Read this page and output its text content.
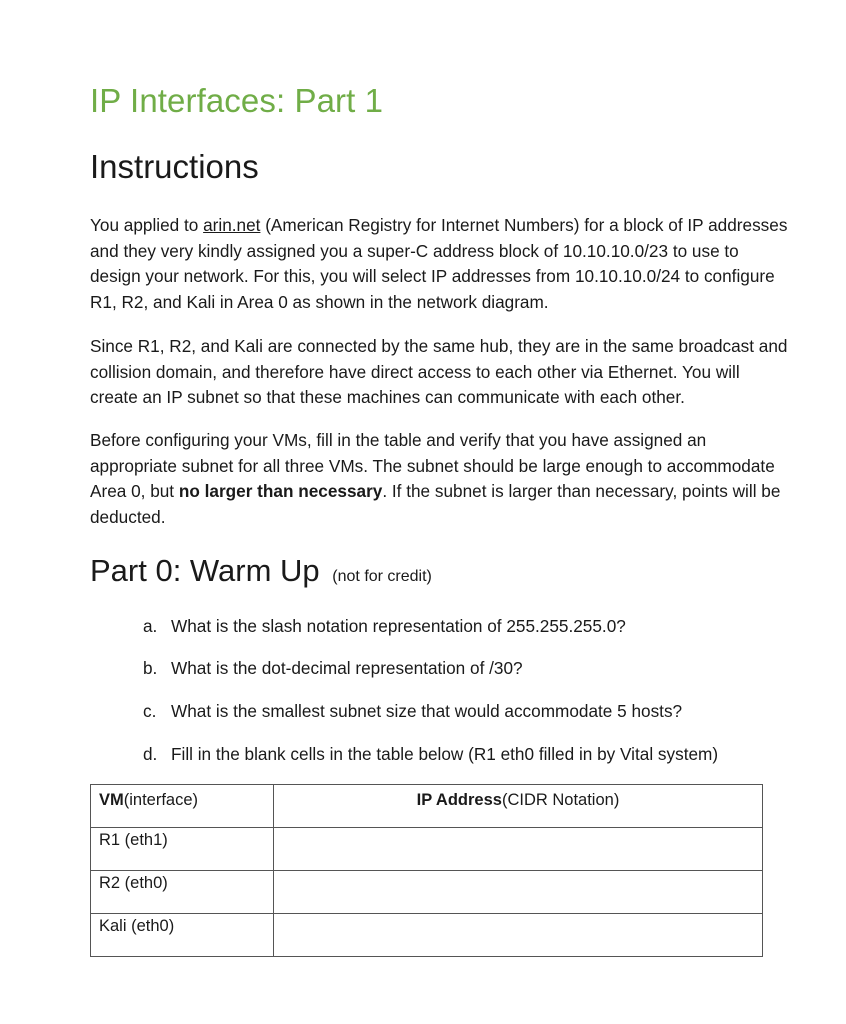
IP Interfaces: Part 1
Instructions

You applied to arin.net (American Registry for Internet Numbers) for a block of IP addresses and they very kindly assigned you a super-C address block of 10.10.10.0/23 to use to design your network. For this, you will select IP addresses from 10.10.10.0/24 to configure R1, R2, and Kali in Area 0 as shown in the network diagram.

Since R1, R2, and Kali are connected by the same hub, they are in the same broadcast and collision domain, and therefore have direct access to each other via Ethernet. You will create an IP subnet so that these machines can communicate with each other.

Before configuring your VMs, fill in the table and verify that you have assigned an appropriate subnet for all three VMs. The subnet should be large enough to accommodate Area 0, but no larger than necessary. If the subnet is larger than necessary, points will be deducted.

Part 0: Warm Up (not for credit)
a. What is the slash notation representation of 255.255.255.0?
b. What is the dot-decimal representation of /30?
c. What is the smallest subnet size that would accommodate 5 hosts?
d. Fill in the blank cells in the table below (R1 eth0 filled in by Vital system)
VM(interface)	IP Address(CIDR Notation)
R1 (eth1)	
R2 (eth0)	
Kali (eth0)	
